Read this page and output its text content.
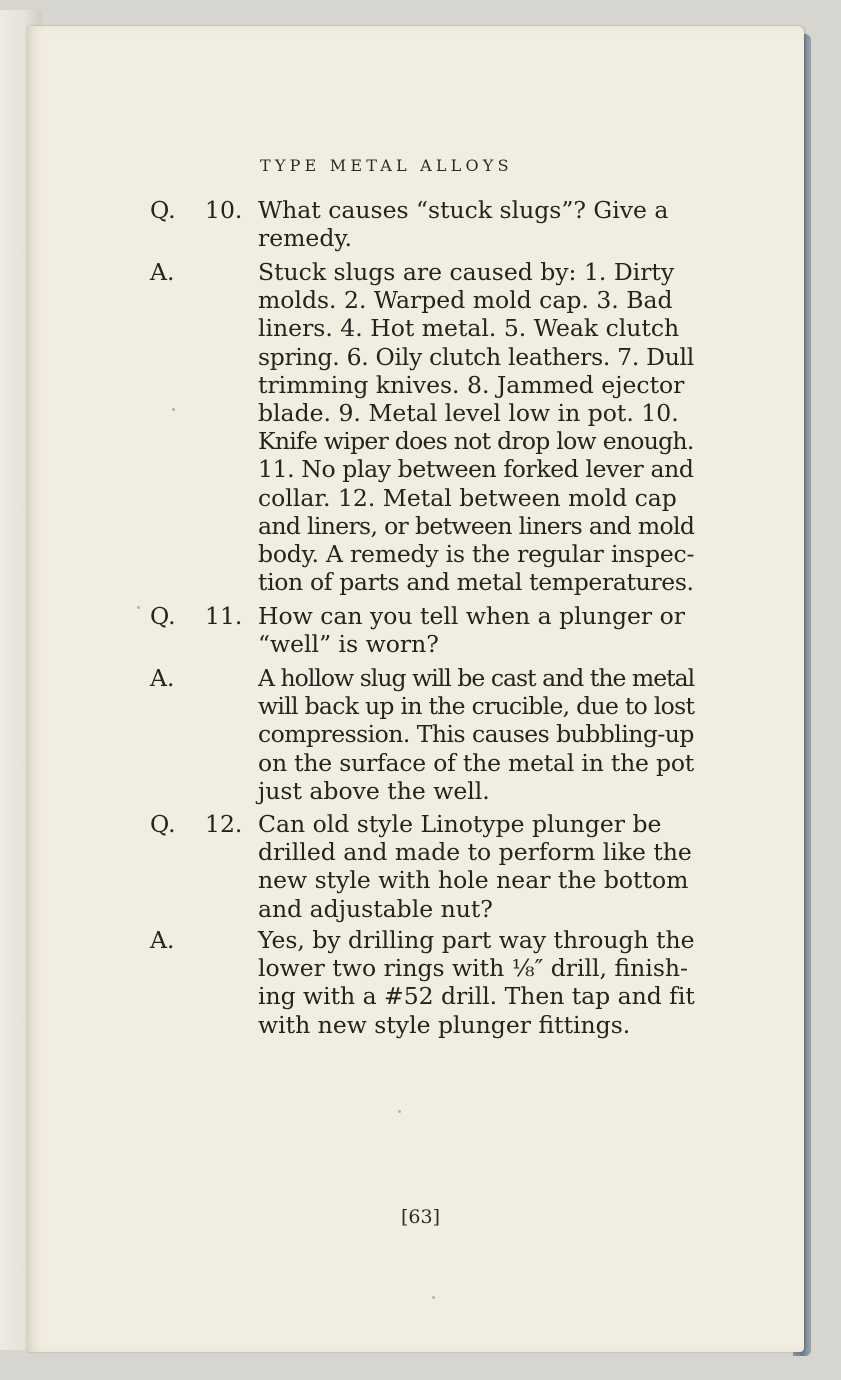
TYPE METAL ALLOYS
Q. 10. What causes “stuck slugs”? Give a
remedy.
A.	Stuck slugs are caused by: 1. Dirty
molds. 2. Warped mold cap. 3. Bad
liners. 4. Hot metal. 5. Weak clutch
spring. 6. Oily clutch leathers. 7. Dull
trimming knives. 8. Jammed ejector
blade. 9. Metal level low in pot. 10.
Knife wiper does not drop low enough.
11. No play between forked lever and
collar. 12. Metal between mold cap
and liners, or between liners and mold
body. A remedy is the regular inspec-
tion of parts and metal temperatures.
Q. 11. How can you tell when a plunger or
“well” is worn?
A.	A hollow slug will be cast and the metal
will back up in the crucible, due to lost
compression. This causes bubbling-up
on the surface of the metal in the pot
just above the well.
Q. 12. Can old style Linotype plunger be
drilled and made to perform like the
new style with hole near the bottom
and adjustable nut?
A.	Yes, by drilling part way through the
lower two rings with ⅛″ drill, finish-
ing with a #52 drill. Then tap and fit
with new style plunger fittings.
[63]
